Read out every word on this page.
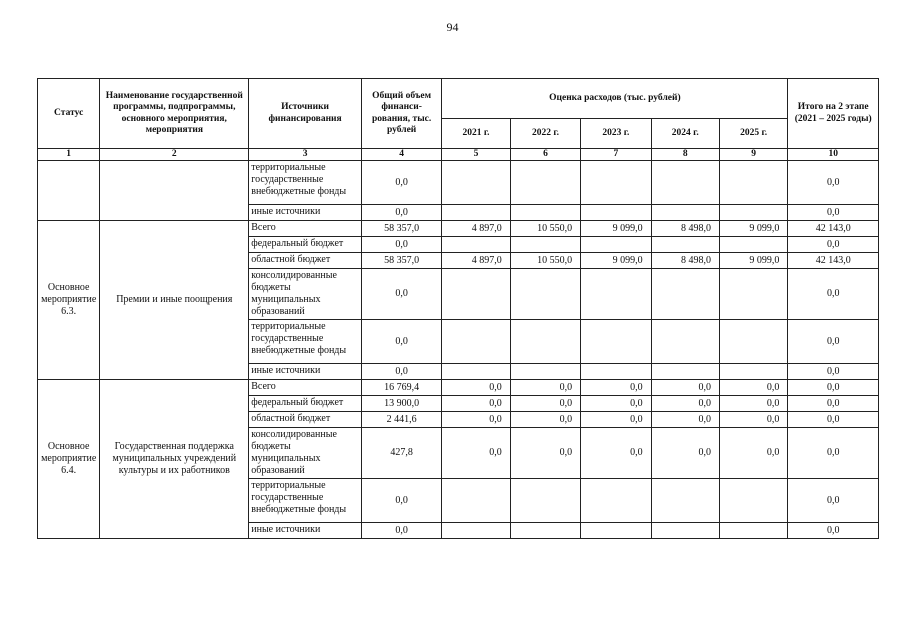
94
Статус	Наименование государственной программы, подпрограммы, основного мероприятия, мероприятия	Источники финансирования	Общий объем финанси-рования, тыс. рублей	Оценка расходов (тыс. рублей)					Итого на 2 этапе (2021 – 2025 годы)
				2021 г.	2022 г.	2023 г.	2024 г.	2025 г.	
1	2	3	4	5	6	7	8	9	10
		территориальные государственные внебюджетные фонды	0,0						0,0
		иные источники	0,0						0,0
Основное мероприятие 6.3.	Премии и иные поощрения	Всего	58 357,0	4 897,0	10 550,0	9 099,0	8 498,0	9 099,0	42 143,0
		федеральный бюджет	0,0						0,0
		областной бюджет	58 357,0	4 897,0	10 550,0	9 099,0	8 498,0	9 099,0	42 143,0
		консолидированные бюджеты муниципальных образований	0,0						0,0
		территориальные государственные внебюджетные фонды	0,0						0,0
		иные источники	0,0						0,0
Основное мероприятие 6.4.	Государственная поддержка муниципальных учреждений культуры и их работников	Всего	16 769,4	0,0	0,0	0,0	0,0	0,0	0,0
		федеральный бюджет	13 900,0	0,0	0,0	0,0	0,0	0,0	0,0
		областной бюджет	2 441,6	0,0	0,0	0,0	0,0	0,0	0,0
		консолидированные бюджеты муниципальных образований	427,8	0,0	0,0	0,0	0,0	0,0	0,0
		территориальные государственные внебюджетные фонды	0,0						0,0
		иные источники	0,0						0,0
